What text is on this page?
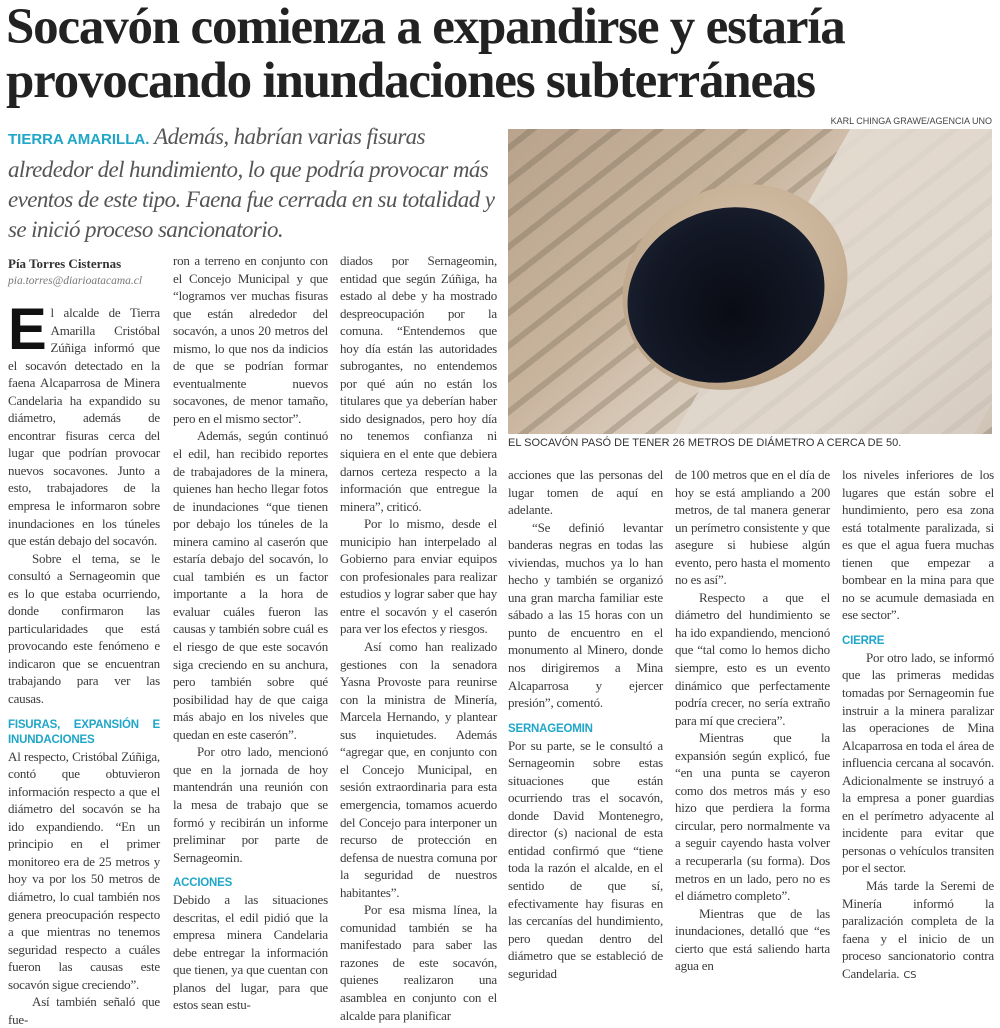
Socavón comienza a expandirse y estaría
provocando inundaciones subterráneas
TIERRA AMARILLA. Además, habrían varias fisuras alrededor del hundimiento, lo que podría provocar más eventos de este tipo. Faena fue cerrada en su totalidad y se inició proceso sancionatorio.
Pía Torres Cisternas
pia.torres@diarioatacama.cl
KARL CHINGA GRAWE/AGENCIA UNO
EL SOCAVÓN PASÓ DE TENER 26 METROS DE DIÁMETRO A CERCA DE 50.

El alcalde de Tierra Amarilla Cristóbal Zúñiga informó que el socavón detectado en la faena Alcaparrosa de Minera Candelaria ha expandido su diámetro, además de encontrar fisuras cerca del lugar que podrían provocar nuevos socavones. Junto a esto, trabajadores de la empresa le informaron sobre inundaciones en los túneles que están debajo del socavón.

Sobre el tema, se le consultó a Sernageomin que es lo que estaba ocurriendo, donde confirmaron las particularidades que está provocando este fenómeno e indicaron que se encuentran trabajando para ver las causas.

FISURAS, EXPANSIÓN E INUNDACIONES

Al respecto, Cristóbal Zúñiga, contó que obtuvieron información respecto a que el diámetro del socavón se ha ido expandiendo. “En un principio en el primer monitoreo era de 25 metros y hoy va por los 50 metros de diámetro, lo cual también nos genera preocupación respecto a que mientras no tenemos seguridad respecto a cuáles fueron las causas este socavón sigue creciendo”.

Así también señaló que fue-

ron a terreno en conjunto con el Concejo Municipal y que “logramos ver muchas fisuras que están alrededor del socavón, a unos 20 metros del mismo, lo que nos da indicios de que se podrían formar eventualmente nuevos socavones, de menor tamaño, pero en el mismo sector”.

Además, según continuó el edil, han recibido reportes de trabajadores de la minera, quienes han hecho llegar fotos de inundaciones “que tienen por debajo los túneles de la minera camino al caserón que estaría debajo del socavón, lo cual también es un factor importante a la hora de evaluar cuáles fueron las causas y también sobre cuál es el riesgo de que este socavón siga creciendo en su anchura, pero también sobre qué posibilidad hay de que caiga más abajo en los niveles que quedan en este caserón”.

Por otro lado, mencionó que en la jornada de hoy mantendrán una reunión con la mesa de trabajo que se formó y recibirán un informe preliminar por parte de Sernageomin.

ACCIONES

Debido a las situaciones descritas, el edil pidió que la empresa minera Candelaria debe entregar la información que tienen, ya que cuentan con planos del lugar, para que estos sean estu-

diados por Sernageomin, entidad que según Zúñiga, ha estado al debe y ha mostrado despreocupación por la comuna. “Entendemos que hoy día están las autoridades subrogantes, no entendemos por qué aún no están los titulares que ya deberían haber sido designados, pero hoy día no tenemos confianza ni siquiera en el ente que debiera darnos certeza respecto a la información que entregue la minera”, criticó.

Por lo mismo, desde el municipio han interpelado al Gobierno para enviar equipos con profesionales para realizar estudios y lograr saber que hay entre el socavón y el caserón para ver los efectos y riesgos.

Así como han realizado gestiones con la senadora Yasna Provoste para reunirse con la ministra de Minería, Marcela Hernando, y plantear sus inquietudes. Además “agregar que, en conjunto con el Concejo Municipal, en sesión extraordinaria para esta emergencia, tomamos acuerdo del Concejo para interponer un recurso de protección en defensa de nuestra comuna por la seguridad de nuestros habitantes”.

Por esa misma línea, la comunidad también se ha manifestado para saber las razones de este socavón, quienes realizaron una asamblea en conjunto con el alcalde para planificar

acciones que las personas del lugar tomen de aquí en adelante.

“Se definió levantar banderas negras en todas las viviendas, muchos ya lo han hecho y también se organizó una gran marcha familiar este sábado a las 15 horas con un punto de encuentro en el monumento al Minero, donde nos dirigiremos a Mina Alcaparrosa y ejercer presión”, comentó.

SERNAGEOMIN

Por su parte, se le consultó a Sernageomin sobre estas situaciones que están ocurriendo tras el socavón, donde David Montenegro, director (s) nacional de esta entidad confirmó que “tiene toda la razón el alcalde, en el sentido de que sí, efectivamente hay fisuras en las cercanías del hundimiento, pero quedan dentro del diámetro que se estableció de seguridad

de 100 metros que en el día de hoy se está ampliando a 200 metros, de tal manera generar un perímetro consistente y que asegure si hubiese algún evento, pero hasta el momento no es así”.

Respecto a que el diámetro del hundimiento se ha ido expandiendo, mencionó que “tal como lo hemos dicho siempre, esto es un evento dinámico que perfectamente podría crecer, no sería extraño para mí que creciera”.

Mientras que la expansión según explicó, fue “en una punta se cayeron como dos metros más y eso hizo que perdiera la forma circular, pero normalmente va a seguir cayendo hasta volver a recuperarla (su forma). Dos metros en un lado, pero no es el diámetro completo”.

Mientras que de las inundaciones, detalló que “es cierto que está saliendo harta agua en

los niveles inferiores de los lugares que están sobre el hundimiento, pero esa zona está totalmente paralizada, si es que el agua fuera muchas tienen que empezar a bombear en la mina para que no se acumule demasiada en ese sector”.

CIERRE

Por otro lado, se informó que las primeras medidas tomadas por Sernageomin fue instruir a la minera paralizar las operaciones de Mina Alcaparrosa en toda el área de influencia cercana al socavón. Adicionalmente se instruyó a la empresa a poner guardias en el perímetro adyacente al incidente para evitar que personas o vehículos transiten por el sector.

Más tarde la Seremi de Minería informó la paralización completa de la faena y el inicio de un proceso sancionatorio contra Candelaria. CS
